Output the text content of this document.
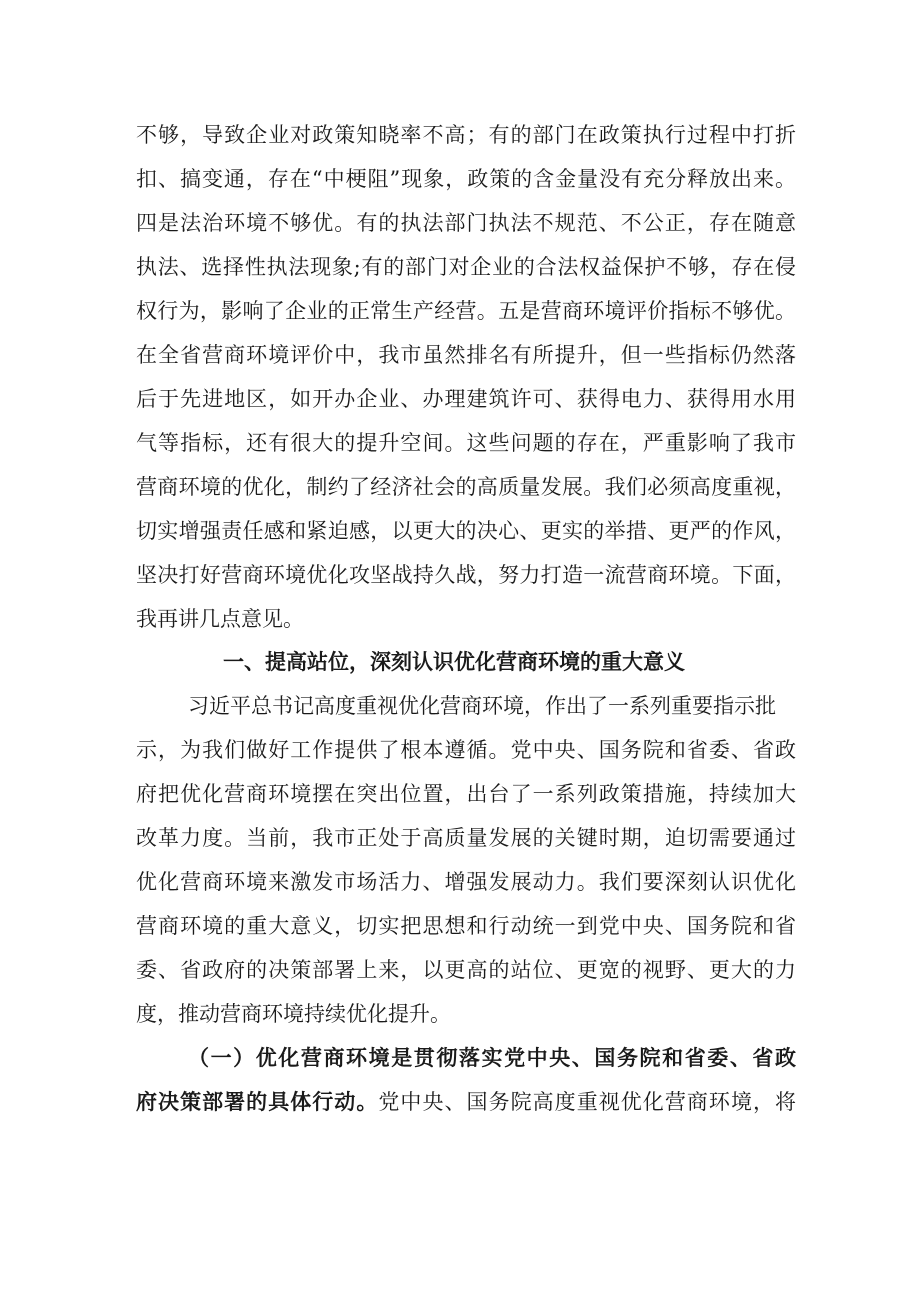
不够，导致企业对政策知晓率不高；有的部门在政策执行过程中打折
扣、搞变通，存在“中梗阻”现象，政策的含金量没有充分释放出来。
四是法治环境不够优。有的执法部门执法不规范、不公正，存在随意
执法、选择性执法现象;有的部门对企业的合法权益保护不够，存在侵
权行为，影响了企业的正常生产经营。五是营商环境评价指标不够优。
在全省营商环境评价中，我市虽然排名有所提升，但一些指标仍然落
后于先进地区，如开办企业、办理建筑许可、获得电力、获得用水用
气等指标，还有很大的提升空间。这些问题的存在，严重影响了我市
营商环境的优化，制约了经济社会的高质量发展。我们必须高度重视，
切实增强责任感和紧迫感，以更大的决心、更实的举措、更严的作风，
坚决打好营商环境优化攻坚战持久战，努力打造一流营商环境。下面，
我再讲几点意见。
一、提高站位，深刻认识优化营商环境的重大意义
习近平总书记高度重视优化营商环境，作出了一系列重要指示批
示，为我们做好工作提供了根本遵循。党中央、国务院和省委、省政
府把优化营商环境摆在突出位置，出台了一系列政策措施，持续加大
改革力度。当前，我市正处于高质量发展的关键时期，迫切需要通过
优化营商环境来激发市场活力、增强发展动力。我们要深刻认识优化
营商环境的重大意义，切实把思想和行动统一到党中央、国务院和省
委、省政府的决策部署上来，以更高的站位、更宽的视野、更大的力
度，推动营商环境持续优化提升。
（一）优化营商环境是贯彻落实党中央、国务院和省委、省政
府决策部署的具体行动。党中央、国务院高度重视优化营商环境，将
